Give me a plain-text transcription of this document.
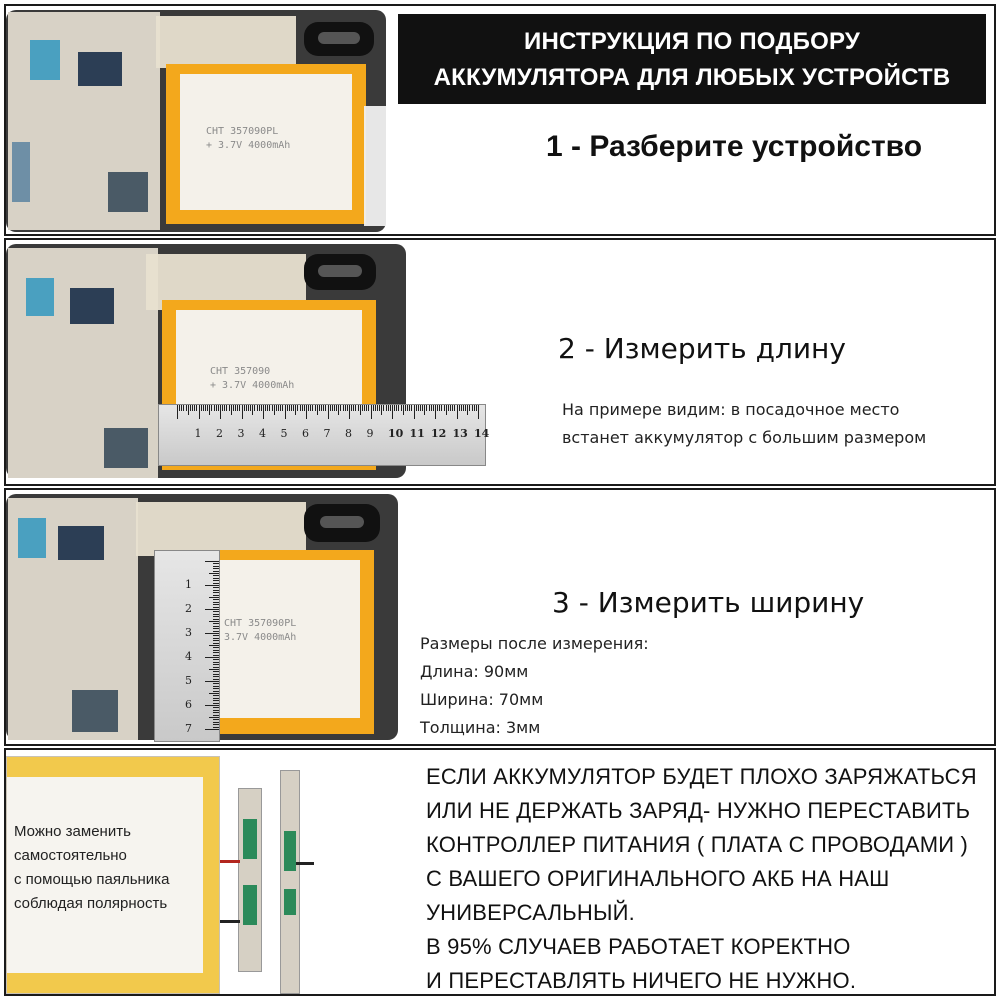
CHT 357090PL
+ 3.7V 4000mAh
ИНСТРУКЦИЯ ПО ПОДБОРУ
АККУМУЛЯТОРА ДЛЯ ЛЮБЫХ УСТРОЙСТВ
1 - Разберите устройство
CHT 357090
+ 3.7V 4000mAh
1 2 3 4 5 6 7 8 9 10 11 12 13 14
2 - Измерить длину
На примере видим: в посадочное место
встанет аккумулятор с большим размером
CHT 357090PL
3.7V 4000mAh
1
2
3
4
5
6
7
3 - Измерить ширину
Размеры после измерения:
Длина: 90мм
Ширина: 70мм
Толщина: 3мм
Можно заменить
самостоятельно
с помощью паяльника
соблюдая полярность
ЕСЛИ АККУМУЛЯТОР БУДЕТ ПЛОХО ЗАРЯЖАТЬСЯ
ИЛИ НЕ ДЕРЖАТЬ ЗАРЯД- НУЖНО ПЕРЕСТАВИТЬ
КОНТРОЛЛЕР ПИТАНИЯ ( ПЛАТА С ПРОВОДАМИ )
С ВАШЕГО ОРИГИНАЛЬНОГО АКБ НА НАШ
УНИВЕРСАЛЬНЫЙ.
В 95% СЛУЧАЕВ РАБОТАЕТ КОРЕКТНО
И ПЕРЕСТАВЛЯТЬ НИЧЕГО НЕ НУЖНО.
